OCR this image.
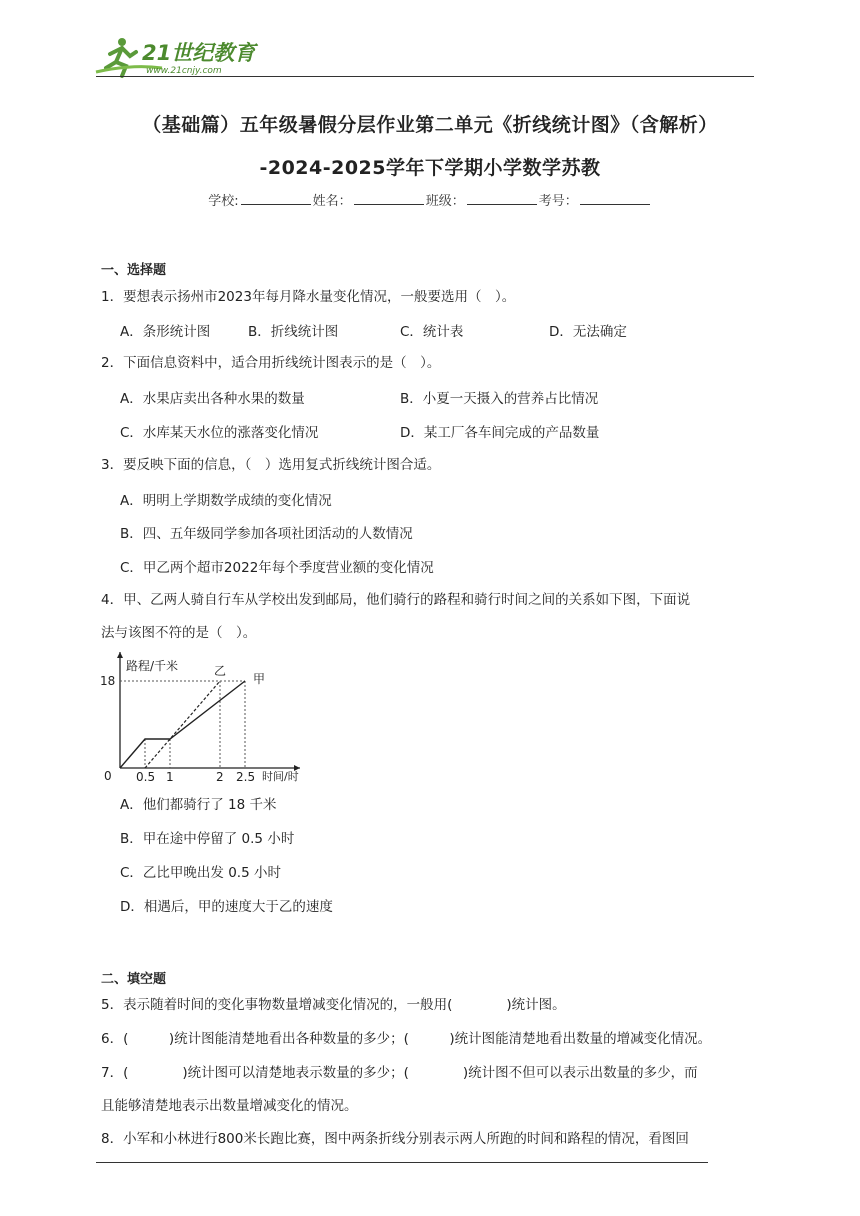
21世纪教育
www.21cnjy.com
（基础篇）五年级暑假分层作业第二单元《折线统计图》（含解析）
-2024-2025学年下学期小学数学苏教
学校:	姓名：	班级：	考号：
一、选择题
1．要想表示扬州市2023年每月降水量变化情况，一般要选用（　）。
A．条形统计图	B．折线统计图	C．统计表	D．无法确定
2．下面信息资料中，适合用折线统计图表示的是（　）。
A．水果店卖出各种水果的数量	B．小夏一天摄入的营养占比情况
C．水库某天水位的涨落变化情况	D．某工厂各车间完成的产品数量
3．要反映下面的信息，（　）选用复式折线统计图合适。
A．明明上学期数学成绩的变化情况
B．四、五年级同学参加各项社团活动的人数情况
C．甲乙两个超市2022年每个季度营业额的变化情况
4．甲、乙两人骑自行车从学校出发到邮局，他们骑行的路程和骑行时间之间的关系如下图，下面说
法与该图不符的是（　）。
路程/千米
时间/时
0
18
0.5 1	2 2.5
甲
乙
A．他们都骑行了 18 千米
B．甲在途中停留了 0.5 小时
C．乙比甲晚出发 0.5 小时
D．相遇后，甲的速度大于乙的速度
二、填空题
5．表示随着时间的变化事物数量增减变化情况的，一般用(　　　　)统计图。
6．(　　　)统计图能清楚地看出各种数量的多少；(　　　)统计图能清楚地看出数量的增减变化情况。
7．(　　　　)统计图可以清楚地表示数量的多少；(　　　　)统计图不但可以表示出数量的多少，而
且能够清楚地表示出数量增减变化的情况。
8．小军和小林进行800米长跑比赛，图中两条折线分别表示两人所跑的时间和路程的情况，看图回
